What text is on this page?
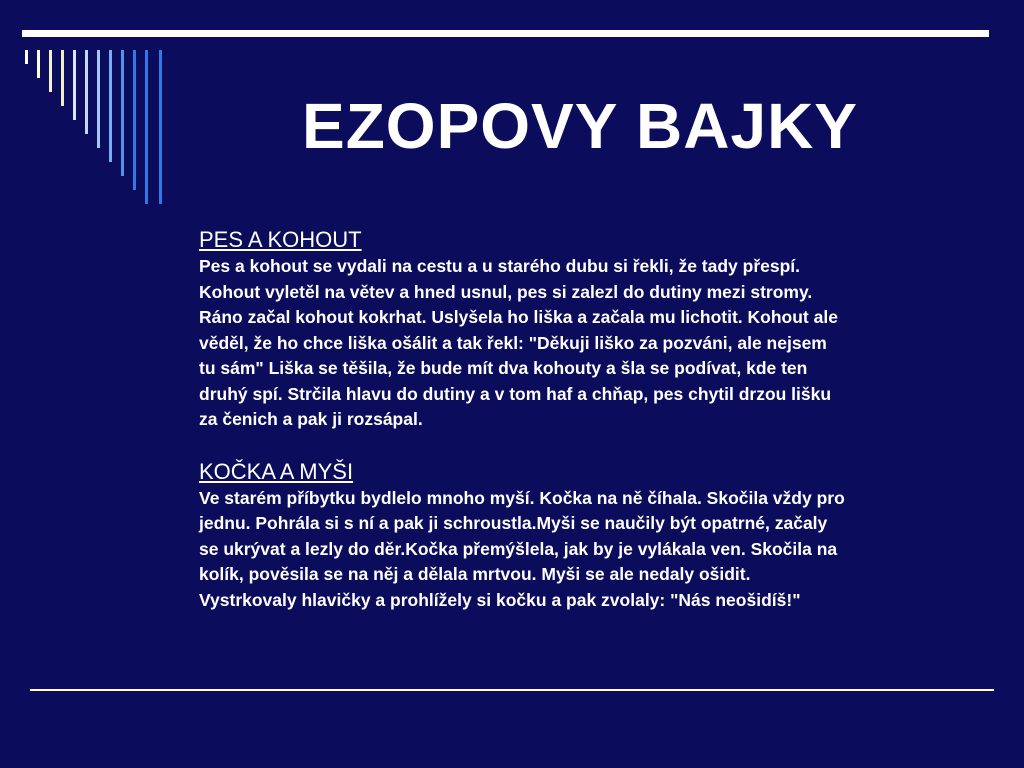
EZOPOVY BAJKY

PES A KOHOUT

Pes a kohout se vydali na cestu a u starého dubu si řekli, že tady přespí.
Kohout vyletěl na větev a hned usnul, pes si zalezl do dutiny mezi stromy.
Ráno začal kohout kokrhat. Uslyšela ho liška a začala mu lichotit. Kohout ale
věděl, že ho chce liška ošálit a tak řekl: "Děkuji liško za pozváni, ale nejsem
tu sám" Liška se těšila, že bude mít dva kohouty a šla se podívat, kde ten
druhý spí. Strčila hlavu do dutiny a v tom haf a chňap, pes chytil drzou lišku
za čenich a pak ji rozsápal.

KOČKA A MYŠI

Ve starém příbytku bydlelo mnoho myší. Kočka na ně číhala. Skočila vždy pro
jednu. Pohrála si s ní a pak ji schroustla.Myši se naučily být opatrné, začaly
se ukrývat a lezly do děr.Kočka přemýšlela, jak by je vylákala ven. Skočila na
kolík, pověsila se na něj a dělala mrtvou. Myši se ale nedaly ošidit.
Vystrkovaly hlavičky a prohlížely si kočku a pak zvolaly: "Nás neošidíš!"
